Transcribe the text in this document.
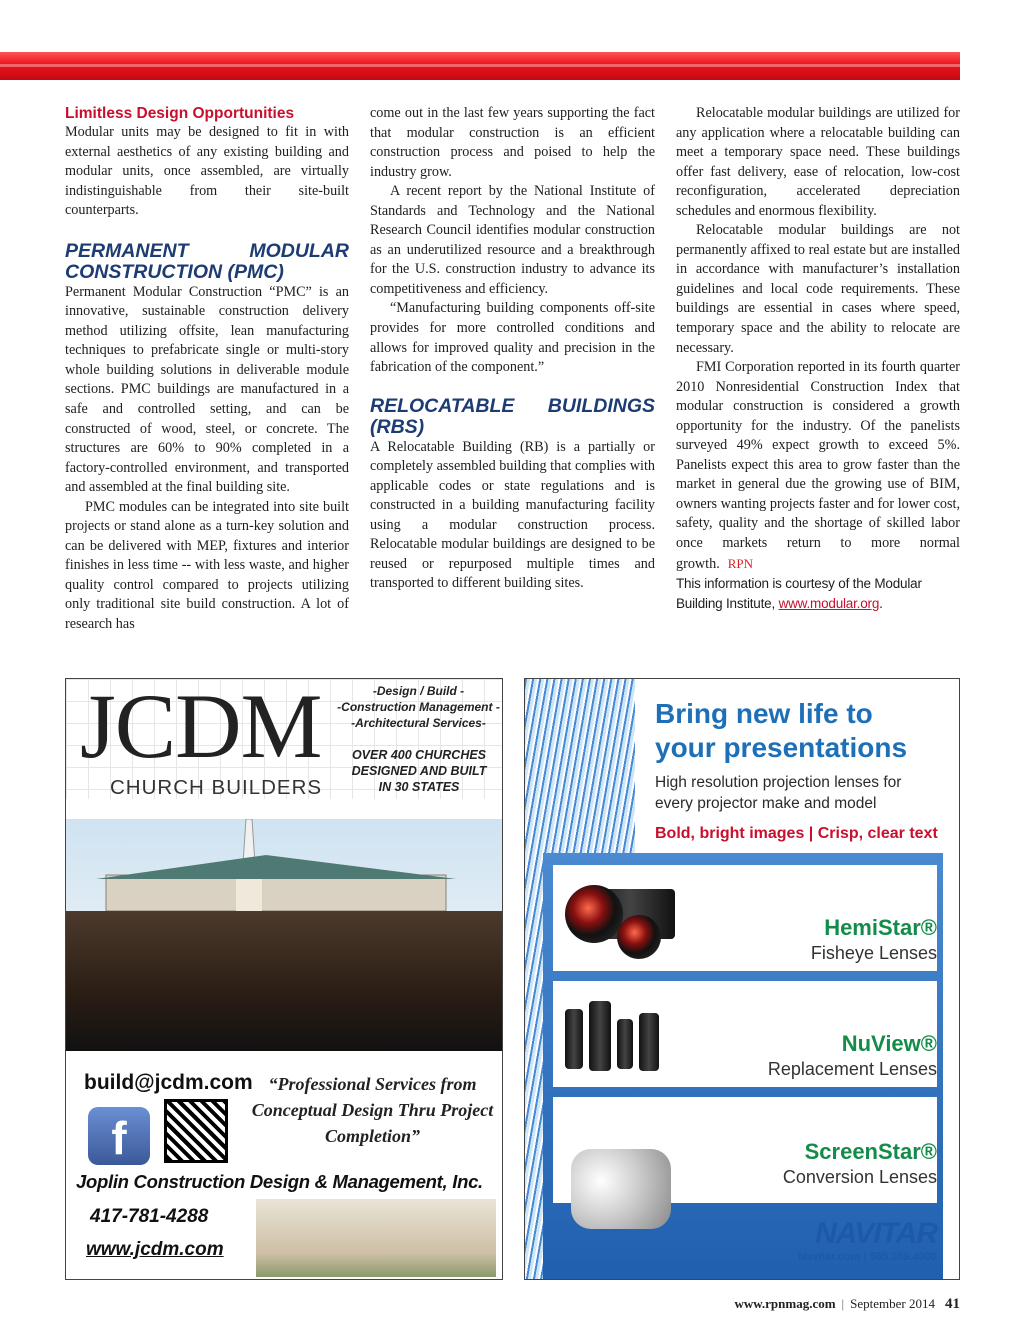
Limitless Design Opportunities

Modular units may be designed to fit in with external aesthetics of any existing building and modular units, once assembled, are virtually indistinguishable from their site-built counterparts.

PERMANENT MODULAR CONSTRUCTION (PMC)

Permanent Modular Construction “PMC” is an innovative, sustainable construction delivery method utilizing offsite, lean manufacturing techniques to prefabricate single or multi-story whole building solutions in deliverable module sections. PMC buildings are manufactured in a safe and controlled setting, and can be constructed of wood, steel, or concrete. The structures are 60% to 90% completed in a factory-controlled environment, and transported and assembled at the final building site.

PMC modules can be integrated into site built projects or stand alone as a turn-key solution and can be delivered with MEP, fixtures and interior finishes in less time -- with less waste, and higher quality control compared to projects utilizing only traditional site build construction. A lot of research has

come out in the last few years supporting the fact that modular construction is an efficient construction process and poised to help the industry grow.

A recent report by the National Institute of Standards and Technology and the National Research Council identifies modular construction as an underutilized resource and a breakthrough for the U.S. construction industry to advance its competitiveness and efficiency.

“Manufacturing building components off-site provides for more controlled conditions and allows for improved quality and precision in the fabrication of the component.”

RELOCATABLE BUILDINGS (RBS)

A Relocatable Building (RB) is a partially or completely assembled building that complies with applicable codes or state regulations and is constructed in a building manufacturing facility using a modular construction process. Relocatable modular buildings are designed to be reused or repurposed multiple times and transported to different building sites.

Relocatable modular buildings are utilized for any application where a relocatable building can meet a temporary space need. These buildings offer fast delivery, ease of relocation, low-cost reconfiguration, accelerated depreciation schedules and enormous flexibility.

Relocatable modular buildings are not permanently affixed to real estate but are installed in accordance with manufacturer’s installation guidelines and local code requirements. These buildings are essential in cases where speed, temporary space and the ability to relocate are necessary.

FMI Corporation reported in its fourth quarter 2010 Nonresidential Construction Index that modular construction is considered a growth opportunity for the industry. Of the panelists surveyed 49% expect growth to exceed 5%. Panelists expect this area to grow faster than the market in general due the growing use of BIM, owners wanting projects faster and for lower cost, safety, quality and the shortage of skilled labor once markets return to more normal growth. RPN

This information is courtesy of the Modular Building Institute, www.modular.org.

JCDM
CHURCH BUILDERS
-Design / Build -
-Construction Management -
-Architectural Services-
OVER 400 CHURCHES
DESIGNED AND BUILT
IN 30 STATES
build@jcdm.com “Professional Services from Conceptual Design Thru Project Completion”
f
Joplin Construction Design & Management, Inc.
417-781-4288
www.jcdm.com
Bring new life to
your presentations
High resolution projection lenses for
every projector make and model
Bold, bright images | Crisp, clear text
HemiStar®
Fisheye Lenses
NuView®
Replacement Lenses
ScreenStar®
Conversion Lenses
NAVITAR
Navitar.com | 585.359.4000
www.rpnmag.com | September 2014 41
